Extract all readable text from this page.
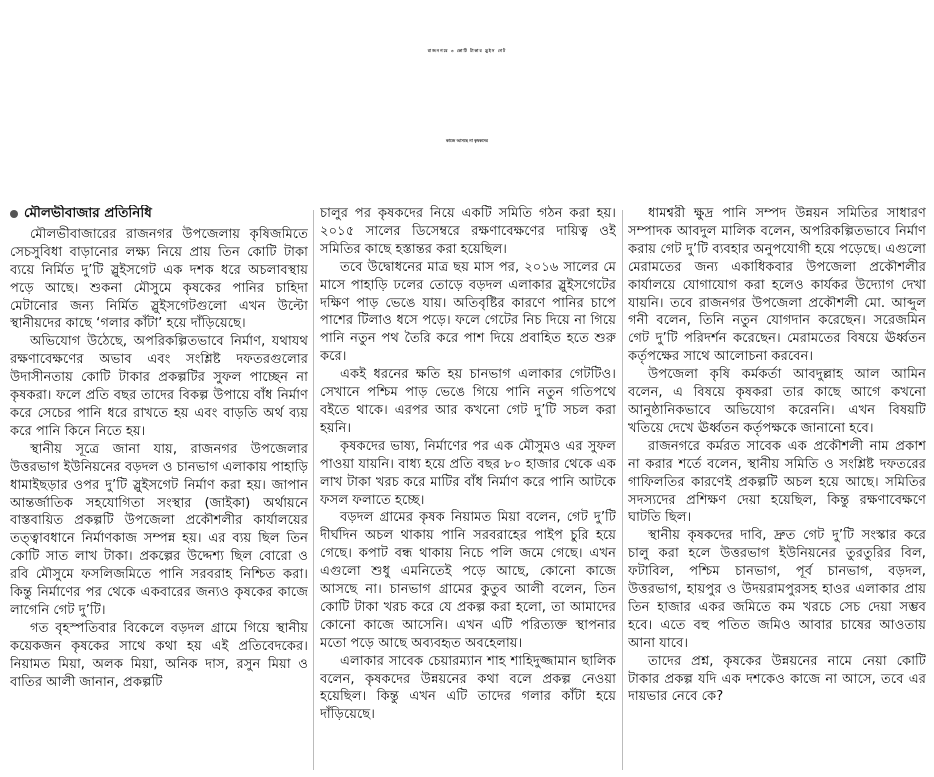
রাজনগরে ৩ কোটি টাকার স্লুইস গেট
কাজে আসছে না কৃষকদের
মৌলভীবাজার প্রতিনিধি

মৌলভীবাজারের রাজনগর উপজেলায় কৃষিজমিতে সেচসুবিধা বাড়ানোর লক্ষ্য নিয়ে প্রায় তিন কোটি টাকা ব্যয়ে নির্মিত দু’টি স্লুইসগেট এক দশক ধরে অচলাবস্থায় পড়ে আছে। শুকনা মৌসুমে কৃষকের পানির চাহিদা মেটানোর জন্য নির্মিত স্লুইসগেটগুলো এখন উল্টো স্থানীয়দের কাছে ‘গলার কাঁটা’ হয়ে দাঁড়িয়েছে।

অভিযোগ উঠেছে, অপরিকল্পিতভাবে নির্মাণ, যথাযথ রক্ষণাবেক্ষণের অভাব এবং সংশ্লিষ্ট দফতরগুলোর উদাসীনতায় কোটি টাকার প্রকল্পটির সুফল পাচ্ছেন না কৃষকরা। ফলে প্রতি বছর তাদের বিকল্প উপায়ে বাঁধ নির্মাণ করে সেচের পানি ধরে রাখতে হয় এবং বাড়তি অর্থ ব্যয় করে পানি কিনে নিতে হয়।

স্থানীয় সূত্রে জানা যায়, রাজনগর উপজেলার উত্তরভাগ ইউনিয়নের বড়দল ও চানভাগ এলাকায় পাহাড়ি ধামাইছড়ার ওপর দু’টি স্লুইসগেট নির্মাণ করা হয়। জাপান আন্তর্জাতিক সহযোগিতা সংস্থার (জাইকা) অর্থায়নে বাস্তবায়িত প্রকল্পটি উপজেলা প্রকৌশলীর কার্যালয়ের তত্ত্বাবধানে নির্মাণকাজ সম্পন্ন হয়। এর ব্যয় ছিল তিন কোটি সাত লাখ টাকা। প্রকল্পের উদ্দেশ্য ছিল বোরো ও রবি মৌসুমে ফসলিজমিতে পানি সরবরাহ নিশ্চিত করা। কিন্তু নির্মাণের পর থেকে একবারের জন্যও কৃষকের কাজে লাগেনি গেট দু’টি।

গত বৃহস্পতিবার বিকেলে বড়দল গ্রামে গিয়ে স্থানীয় কয়েকজন কৃষকের সাথে কথা হয় এই প্রতিবেদকের। নিয়ামত মিয়া, অলক মিয়া, অনিক দাস, রসুন মিয়া ও বাতির আলী জানান, প্রকল্পটি

চালুর পর কৃষকদের নিয়ে একটি সমিতি গঠন করা হয়। ২০১৫ সালের ডিসেম্বরে রক্ষণাবেক্ষণের দায়িত্ব ওই সমিতির কাছে হস্তান্তর করা হয়েছিল।

তবে উদ্বোধনের মাত্র ছয় মাস পর, ২০১৬ সালের মে মাসে পাহাড়ি ঢলের তোড়ে বড়দল এলাকার স্লুইসগেটের দক্ষিণ পাড় ভেঙে যায়। অতিবৃষ্টির কারণে পানির চাপে পাশের টিলাও ধসে পড়ে। ফলে গেটের নিচ দিয়ে না গিয়ে পানি নতুন পথ তৈরি করে পাশ দিয়ে প্রবাহিত হতে শুরু করে।

একই ধরনের ক্ষতি হয় চানভাগ এলাকার গেটটিও। সেখানে পশ্চিম পাড় ভেঙে গিয়ে পানি নতুন গতিপথে বইতে থাকে। এরপর আর কখনো গেট দু’টি সচল করা হয়নি।

কৃষকদের ভাষ্য, নির্মাণের পর এক মৌসুমও এর সুফল পাওয়া যায়নি। বাধ্য হয়ে প্রতি বছর ৮০ হাজার থেকে এক লাখ টাকা খরচ করে মাটির বাঁধ নির্মাণ করে পানি আটকে ফসল ফলাতে হচ্ছে।

বড়দল গ্রামের কৃষক নিয়ামত মিয়া বলেন, গেট দু’টি দীর্ঘদিন অচল থাকায় পানি সরবরাহের পাইপ চুরি হয়ে গেছে। কপাট বন্ধ থাকায় নিচে পলি জমে গেছে। এখন এগুলো শুধু এমনিতেই পড়ে আছে, কোনো কাজে আসছে না। চানভাগ গ্রামের কুতুব আলী বলেন, তিন কোটি টাকা খরচ করে যে প্রকল্প করা হলো, তা আমাদের কোনো কাজে আসেনি। এখন এটি পরিত্যক্ত স্থাপনার মতো পড়ে আছে অব্যবহৃত অবহেলায়।

এলাকার সাবেক চেয়ারম্যান শাহ শাহিদুজ্জামান ছালিক বলেন, কৃষকদের উন্নয়নের কথা বলে প্রকল্প নেওয়া হয়েছিল। কিন্তু এখন এটি তাদের গলার কাঁটা হয়ে দাঁড়িয়েছে।

ধামশ্বরী ক্ষুদ্র পানি সম্পদ উন্নয়ন সমিতির সাধারণ সম্পাদক আবদুল মালিক বলেন, অপরিকল্পিতভাবে নির্মাণ করায় গেট দু’টি ব্যবহার অনুপযোগী হয়ে পড়েছে। এগুলো মেরামতের জন্য একাধিকবার উপজেলা প্রকৌশলীর কার্যালয়ে যোগাযোগ করা হলেও কার্যকর উদ্যোগ দেখা যায়নি। তবে রাজনগর উপজেলা প্রকৌশলী মো. আব্দুল গনী বলেন, তিনি নতুন যোগদান করেছেন। সরেজমিন গেট দু’টি পরিদর্শন করেছেন। মেরামতের বিষয়ে ঊর্ধ্বতন কর্তৃপক্ষের সাথে আলোচনা করবেন।

উপজেলা কৃষি কর্মকর্তা আবদুল্লাহ আল আমিন বলেন, এ বিষয়ে কৃষকরা তার কাছে আগে কখনো আনুষ্ঠানিকভাবে অভিযোগ করেননি। এখন বিষয়টি খতিয়ে দেখে ঊর্ধ্বতন কর্তৃপক্ষকে জানানো হবে।

রাজনগরে কর্মরত সাবেক এক প্রকৌশলী নাম প্রকাশ না করার শর্তে বলেন, স্থানীয় সমিতি ও সংশ্লিষ্ট দফতরের গাফিলতির কারণেই প্রকল্পটি অচল হয়ে আছে। সমিতির সদস্যদের প্রশিক্ষণ দেয়া হয়েছিল, কিন্তু রক্ষণাবেক্ষণে ঘাটতি ছিল।

স্থানীয় কৃষকদের দাবি, দ্রুত গেট দু’টি সংস্কার করে চালু করা হলে উত্তরভাগ ইউনিয়নের তুরতুরির বিল, ফটাবিল, পশ্চিম চানভাগ, পূর্ব চানভাগ, বড়দল, উত্তরভাগ, হায়পুর ও উদয়রামপুরসহ হাওর এলাকার প্রায় তিন হাজার একর জমিতে কম খরচে সেচ দেয়া সম্ভব হবে। এতে বহু পতিত জমিও আবার চাষের আওতায় আনা যাবে।

তাদের প্রশ্ন, কৃষকের উন্নয়নের নামে নেয়া কোটি টাকার প্রকল্প যদি এক দশকেও কাজে না আসে, তবে এর দায়ভার নেবে কে?
